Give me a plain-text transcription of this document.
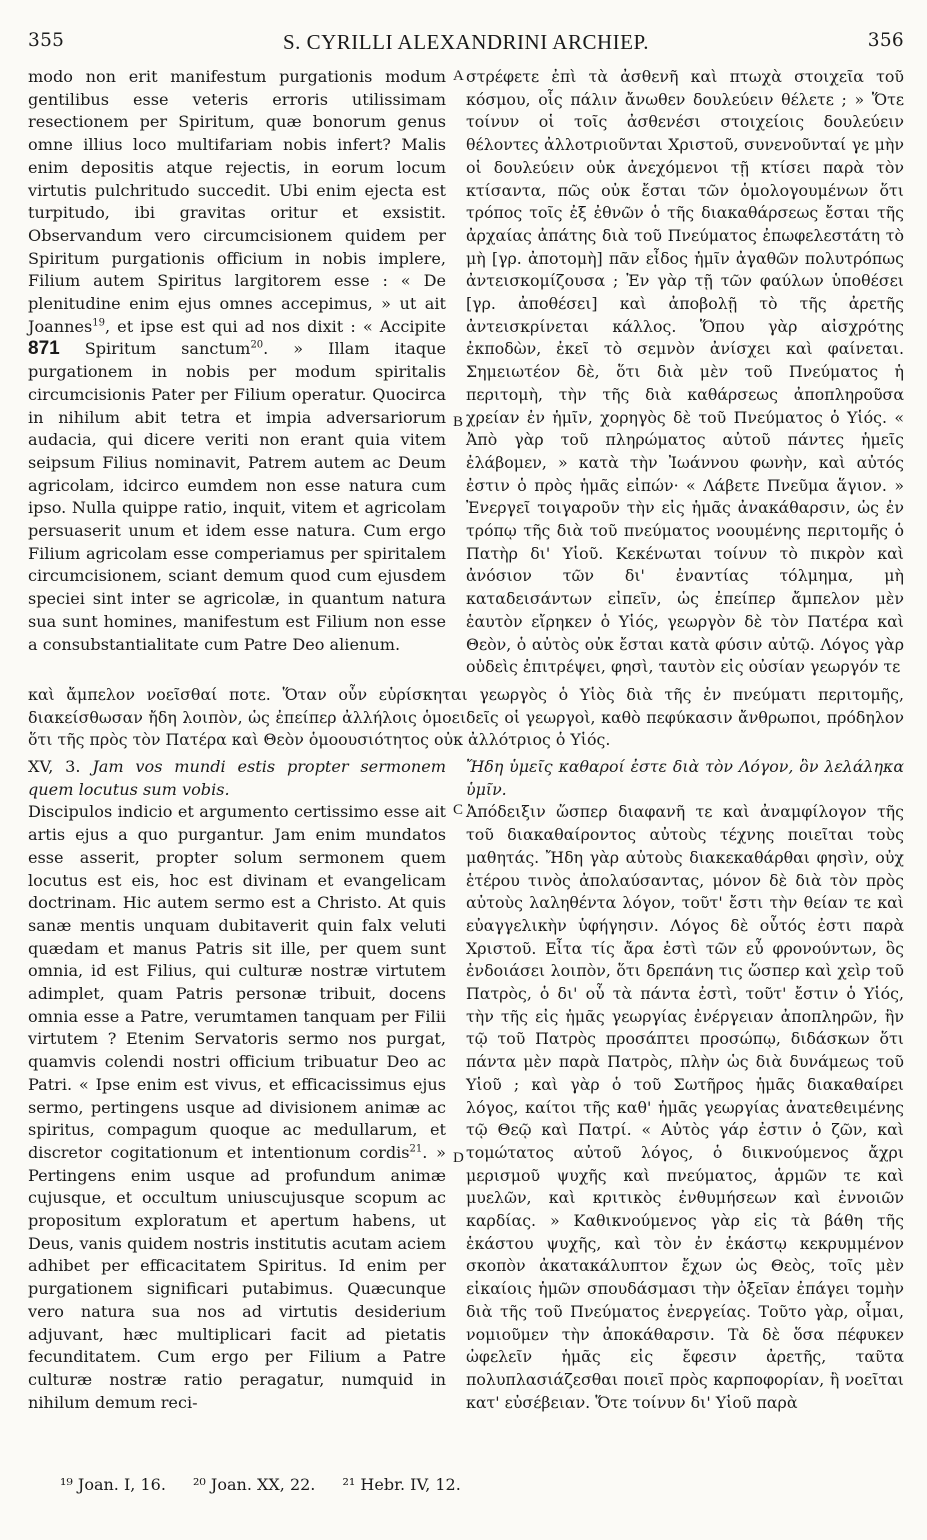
355	S. CYRILLI ALEXANDRINI ARCHIEP.	356

modo non erit manifestum purgationis modum gentilibus esse veteris erroris utilissimam resectionem per Spiritum, quæ bonorum genus omne illius loco multifariam nobis infert? Malis enim depositis atque rejectis, in eorum locum virtutis pulchritudo succedit. Ubi enim ejecta est turpitudo, ibi gravitas oritur et exsistit. Observandum vero circumcisionem quidem per Spiritum purgationis officium in nobis implere, Filium autem Spiritus largitorem esse : « De plenitudine enim ejus omnes accepimus, » ut ait Joannes$^{19}$, et ipse est qui ad nos dixit : « Accipite 871 Spiritum sanctum$^{20}$. » Illam itaque purgationem in nobis per modum spiritalis circumcisionis Pater per Filium operatur. Quocirca in nihilum abit tetra et impia adversariorum audacia, qui dicere veriti non erant quia vitem seipsum Filius nominavit, Patrem autem ac Deum agricolam, idcirco eumdem non esse natura cum ipso. Nulla quippe ratio, inquit, vitem et agricolam persuaserit unum et idem esse natura. Cum ergo Filium agricolam esse comperiamus per spiritalem circumcisionem, sciant demum quod cum ejusdem speciei sint inter se agricolæ, in quantum natura sua sunt homines, manifestum est Filium non esse a consubstantialitate cum Patre Deo alienum.

στρέφετε ἐπὶ τὰ ἀσθενῆ καὶ πτωχὰ στοιχεῖα τοῦ κόσμου, οἷς πάλιν ἄνωθεν δουλεύειν θέλετε ; » Ὅτε τοίνυν οἱ τοῖς ἀσθενέσι στοιχείοις δουλεύειν θέλοντες ἀλλοτριοῦνται Χριστοῦ, συνενοῦνταί γε μὴν οἱ δουλεύειν οὐκ ἀνεχόμενοι τῇ κτίσει παρὰ τὸν κτίσαντα, πῶς οὐκ ἔσται τῶν ὁμολογουμένων ὅτι τρόπος τοῖς ἐξ ἐθνῶν ὁ τῆς διακαθάρσεως ἔσται τῆς ἀρχαίας ἀπάτης διὰ τοῦ Πνεύματος ἐπωφελεστάτη τὸ μὴ [γρ. ἀποτομὴ] πᾶν εἶδος ἡμῖν ἀγαθῶν πολυτρόπως ἀντεισκομίζουσα ; Ἐν γὰρ τῇ τῶν φαύλων ὑποθέσει [γρ. ἀποθέσει] καὶ ἀποβολῇ τὸ τῆς ἀρετῆς ἀντεισκρίνεται κάλλος. Ὅπου γὰρ αἰσχρότης ἐκποδὼν, ἐκεῖ τὸ σεμνὸν ἀνίσχει καὶ φαίνεται. Σημειωτέον δὲ, ὅτι διὰ μὲν τοῦ Πνεύματος ἡ περιτομὴ, τὴν τῆς διὰ καθάρσεως ἀποπληροῦσα χρείαν ἐν ἡμῖν, χορηγὸς δὲ τοῦ Πνεύματος ὁ Υἱός. « Ἀπὸ γὰρ τοῦ πληρώματος αὐτοῦ πάντες ἡμεῖς ἐλάβομεν, » κατὰ τὴν Ἰωάννου φωνὴν, καὶ αὐτός ἐστιν ὁ πρὸς ἡμᾶς εἰπών· « Λάβετε Πνεῦμα ἅγιον. » Ἐνεργεῖ τοιγαροῦν τὴν εἰς ἡμᾶς ἀνακάθαρσιν, ὡς ἐν τρόπῳ τῆς διὰ τοῦ πνεύματος νοουμένης περιτομῆς ὁ Πατὴρ δι' Υἱοῦ. Κεκένωται τοίνυν τὸ πικρὸν καὶ ἀνόσιον τῶν δι' ἐναντίας τόλμημα, μὴ καταδεισάντων εἰπεῖν, ὡς ἐπείπερ ἄμπελον μὲν ἑαυτὸν εἴρηκεν ὁ Υἱός, γεωργὸν δὲ τὸν Πατέρα καὶ Θεὸν, ὁ αὐτὸς οὐκ ἔσται κατὰ φύσιν αὐτῷ. Λόγος γὰρ οὐδεὶς ἐπιτρέψει, φησὶ, ταυτὸν εἰς οὐσίαν γεωργόν τε

A
B
C
D

καὶ ἄμπελον νοεῖσθαί ποτε. Ὅταν οὖν εὑρίσκηται γεωργὸς ὁ Υἱὸς διὰ τῆς ἐν πνεύματι περιτομῆς, διακείσθωσαν ἤδη λοιπὸν, ὡς ἐπείπερ ἀλλήλοις ὁμοειδεῖς οἱ γεωργοὶ, καθὸ πεφύκασιν ἄνθρωποι, πρόδηλον ὅτι τῆς πρὸς τὸν Πατέρα καὶ Θεὸν ὁμοουσιότητος οὐκ ἀλλότριος ὁ Υἱός.

XV, 3. Jam vos mundi estis propter sermonem quem locutus sum vobis.

Discipulos indicio et argumento certissimo esse ait artis ejus a quo purgantur. Jam enim mundatos esse asserit, propter solum sermonem quem locutus est eis, hoc est divinam et evangelicam doctrinam. Hic autem sermo est a Christo. At quis sanæ mentis unquam dubitaverit quin falx veluti quædam et manus Patris sit ille, per quem sunt omnia, id est Filius, qui culturæ nostræ virtutem adimplet, quam Patris personæ tribuit, docens omnia esse a Patre, verumtamen tanquam per Filii virtutem ? Etenim Servatoris sermo nos purgat, quamvis colendi nostri officium tribuatur Deo ac Patri. « Ipse enim est vivus, et efficacissimus ejus sermo, pertingens usque ad divisionem animæ ac spiritus, compagum quoque ac medullarum, et discretor cogitationum et intentionum cordis$^{21}$. » Pertingens enim usque ad profundum animæ cujusque, et occultum uniuscujusque scopum ac propositum exploratum et apertum habens, ut Deus, vanis quidem nostris institutis acutam aciem adhibet per efficacitatem Spiritus. Id enim per purgationem significari putabimus. Quæcunque vero natura sua nos ad virtutis desiderium adjuvant, hæc multiplicari facit ad pietatis fecunditatem. Cum ergo per Filium a Patre culturæ nostræ ratio peragatur, numquid in nihilum demum reci-

Ἤδη ὑμεῖς καθαροί ἐστε διὰ τὸν Λόγον, ὃν λελάληκα ὑμῖν.

Ἀπόδειξιν ὥσπερ διαφανῆ τε καὶ ἀναμφίλογον τῆς τοῦ διακαθαίροντος αὐτοὺς τέχνης ποιεῖται τοὺς μαθητάς. Ἤδη γὰρ αὐτοὺς διακεκαθάρθαι φησὶν, οὐχ ἑτέρου τινὸς ἀπολαύσαντας, μόνον δὲ διὰ τὸν πρὸς αὐτοὺς λαληθέντα λόγον, τοῦτ' ἔστι τὴν θείαν τε καὶ εὐαγγελικὴν ὑφήγησιν. Λόγος δὲ οὗτός ἐστι παρὰ Χριστοῦ. Εἶτα τίς ἄρα ἐστὶ τῶν εὖ φρονούντων, ὃς ἐνδοιάσει λοιπὸν, ὅτι δρεπάνη τις ὥσπερ καὶ χεὶρ τοῦ Πατρὸς, ὁ δι' οὗ τὰ πάντα ἐστὶ, τοῦτ' ἔστιν ὁ Υἱός, τὴν τῆς εἰς ἡμᾶς γεωργίας ἐνέργειαν ἀποπληρῶν, ἣν τῷ τοῦ Πατρὸς προσάπτει προσώπῳ, διδάσκων ὅτι πάντα μὲν παρὰ Πατρὸς, πλὴν ὡς διὰ δυνάμεως τοῦ Υἱοῦ ; καὶ γὰρ ὁ τοῦ Σωτῆρος ἡμᾶς διακαθαίρει λόγος, καίτοι τῆς καθ' ἡμᾶς γεωργίας ἀνατεθειμένης τῷ Θεῷ καὶ Πατρί. « Αὐτὸς γάρ ἐστιν ὁ ζῶν, καὶ τομώτατος αὐτοῦ λόγος, ὁ διικνούμενος ἄχρι μερισμοῦ ψυχῆς καὶ πνεύματος, ἁρμῶν τε καὶ μυελῶν, καὶ κριτικὸς ἐνθυμήσεων καὶ ἐννοιῶν καρδίας. » Καθικνούμενος γὰρ εἰς τὰ βάθη τῆς ἑκάστου ψυχῆς, καὶ τὸν ἐν ἑκάστῳ κεκρυμμένον σκοπὸν ἀκατακάλυπτον ἔχων ὡς Θεὸς, τοῖς μὲν εἰκαίοις ἡμῶν σπουδάσμασι τὴν ὀξεῖαν ἐπάγει τομὴν διὰ τῆς τοῦ Πνεύματος ἐνεργείας. Τοῦτο γὰρ, οἶμαι, νομιοῦμεν τὴν ἀποκάθαρσιν. Τὰ δὲ ὅσα πέφυκεν ὠφελεῖν ἡμᾶς εἰς ἔφεσιν ἀρετῆς, ταῦτα πολυπλασιάζεσθαι ποιεῖ πρὸς καρποφορίαν, ἢ νοεῖται κατ' εὐσέβειαν. Ὅτε τοίνυν δι' Υἱοῦ παρὰ

¹⁹ Joan. I, 16. ²⁰ Joan. XX, 22. ²¹ Hebr. IV, 12.
